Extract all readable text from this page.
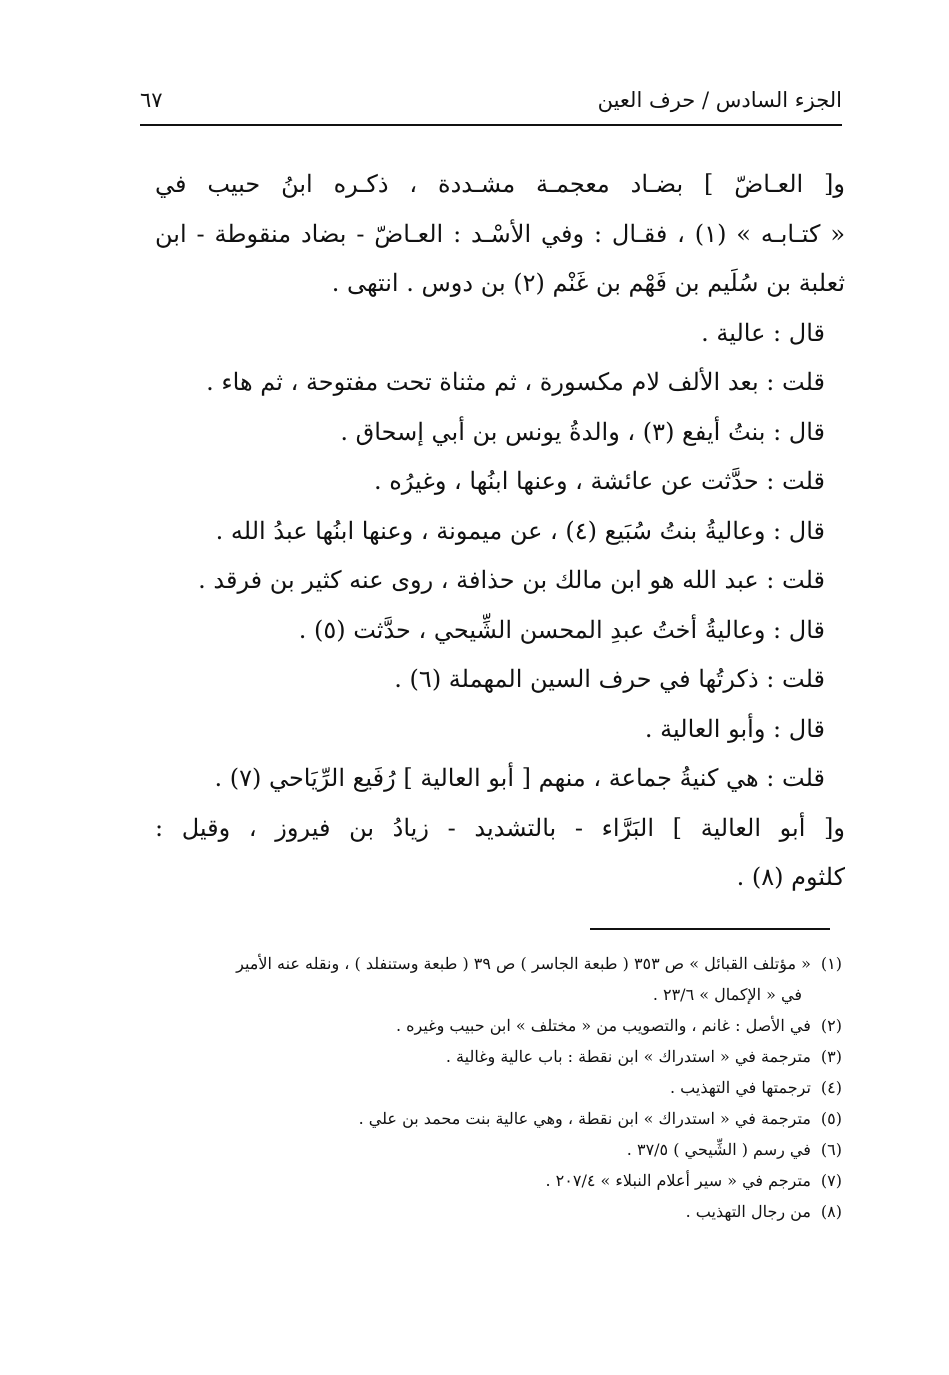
الجزء السادس / حرف العين
٦٧
و[ العـاضّ ] بضـاد معجمـة مشـددة ، ذكـره ابنُ حبيب في
« كتـابـه » (١) ، فقـال : وفي الأسْـد : العـاضّ - بضاد منقوطة - ابن
ثعلبة بن سُلَيم بن فَهْم بن غَنْم (٢) بن دوس . انتهى .
قال : عالية .
قلت : بعد الألف لام مكسورة ، ثم مثناة تحت مفتوحة ، ثم هاء .
قال : بنتُ أيفع (٣) ، والدةُ يونس بن أبي إسحاق .
قلت : حدَّثت عن عائشة ، وعنها ابنُها ، وغيرُه .
قال : وعاليةُ بنتُ سُبَيع (٤) ، عن ميمونة ، وعنها ابنُها عبدُ الله .
قلت : عبد الله هو ابن مالك بن حذافة ، روى عنه كثير بن فرقد .
قال : وعاليةُ أختُ عبدِ المحسن الشِّيحي ، حدَّثت (٥) .
قلت : ذكرتُها في حرف السين المهملة (٦) .
قال : وأبو العالية .
قلت : هي كنيةُ جماعة ، منهم [ أبو العالية ] رُفَيع الرِّيَاحي (٧) .
و[ أبو العالية ] البَرَّاء - بالتشديد - زيادُ بن فيروز ، وقيل :
كلثوم (٨) .
(١)« مؤتلف القبائل » ص ٣٥٣ ( طبعة الجاسر ) ص ٣٩ ( طبعة وستنفلد ) ، ونقله عنه الأمير
في « الإكمال » ٢٣/٦ .
(٢)في الأصل : غانم ، والتصويب من « مختلف » ابن حبيب وغيره .
(٣)مترجمة في « استدراك » ابن نقطة : باب عالية وغالية .
(٤)ترجمتها في التهذيب .
(٥)مترجمة في « استدراك » ابن نقطة ، وهي عالية بنت محمد بن علي .
(٦)في رسم ( الشِّيحي ) ٣٧/٥ .
(٧)مترجم في « سير أعلام النبلاء » ٢٠٧/٤ .
(٨)من رجال التهذيب .
